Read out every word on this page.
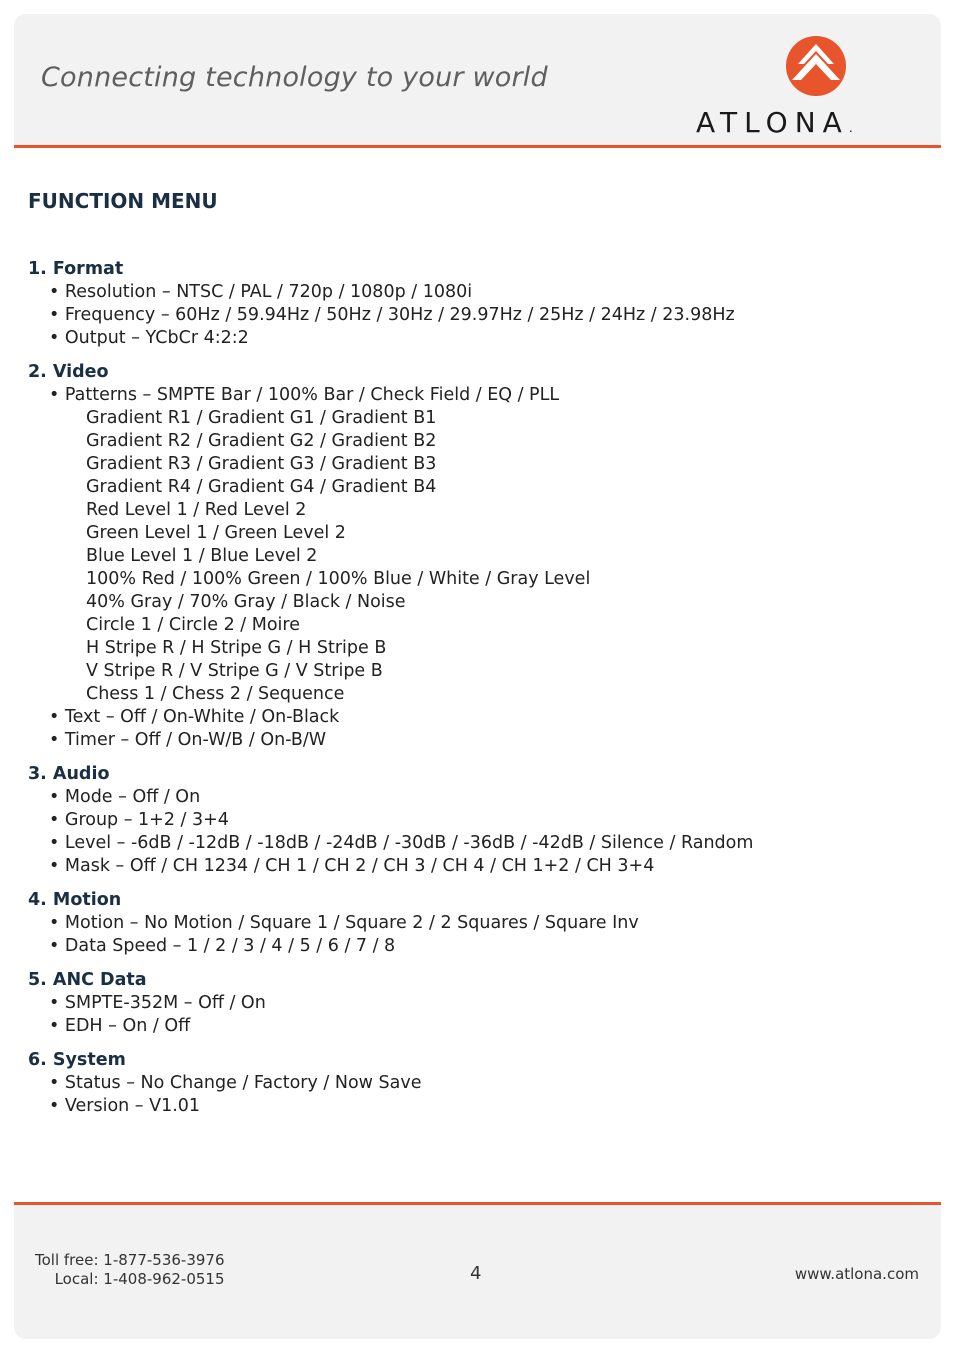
Connecting technology to your world
ATLONA.
FUNCTION MENU
1. Format
• Resolution – NTSC / PAL / 720p / 1080p / 1080i
• Frequency – 60Hz / 59.94Hz / 50Hz / 30Hz / 29.97Hz / 25Hz / 24Hz / 23.98Hz
• Output – YCbCr 4:2:2
2. Video
• Patterns – SMPTE Bar / 100% Bar / Check Field / EQ / PLL
Gradient R1 / Gradient G1 / Gradient B1
Gradient R2 / Gradient G2 / Gradient B2
Gradient R3 / Gradient G3 / Gradient B3
Gradient R4 / Gradient G4 / Gradient B4
Red Level 1 / Red Level 2
Green Level 1 / Green Level 2
Blue Level 1 / Blue Level 2
100% Red / 100% Green / 100% Blue / White / Gray Level
40% Gray / 70% Gray / Black / Noise
Circle 1 / Circle 2 / Moire
H Stripe R / H Stripe G / H Stripe B
V Stripe R / V Stripe G / V Stripe B
Chess 1 / Chess 2 / Sequence
• Text – Off / On-White / On-Black
• Timer – Off / On-W/B / On-B/W
3. Audio
• Mode – Off / On
• Group – 1+2 / 3+4
• Level – -6dB / -12dB / -18dB / -24dB / -30dB / -36dB / -42dB / Silence / Random
• Mask – Off / CH 1234 / CH 1 / CH 2 / CH 3 / CH 4 / CH 1+2 / CH 3+4
4. Motion
• Motion – No Motion / Square 1 / Square 2 / 2 Squares / Square Inv
• Data Speed – 1 / 2 / 3 / 4 / 5 / 6 / 7 / 8
5. ANC Data
• SMPTE-352M – Off / On
• EDH – On / Off
6. System
• Status – No Change / Factory / Now Save
• Version – V1.01
Toll free: 1-877-536-3976
Local: 1-408-962-0515	4	www.atlona.com
